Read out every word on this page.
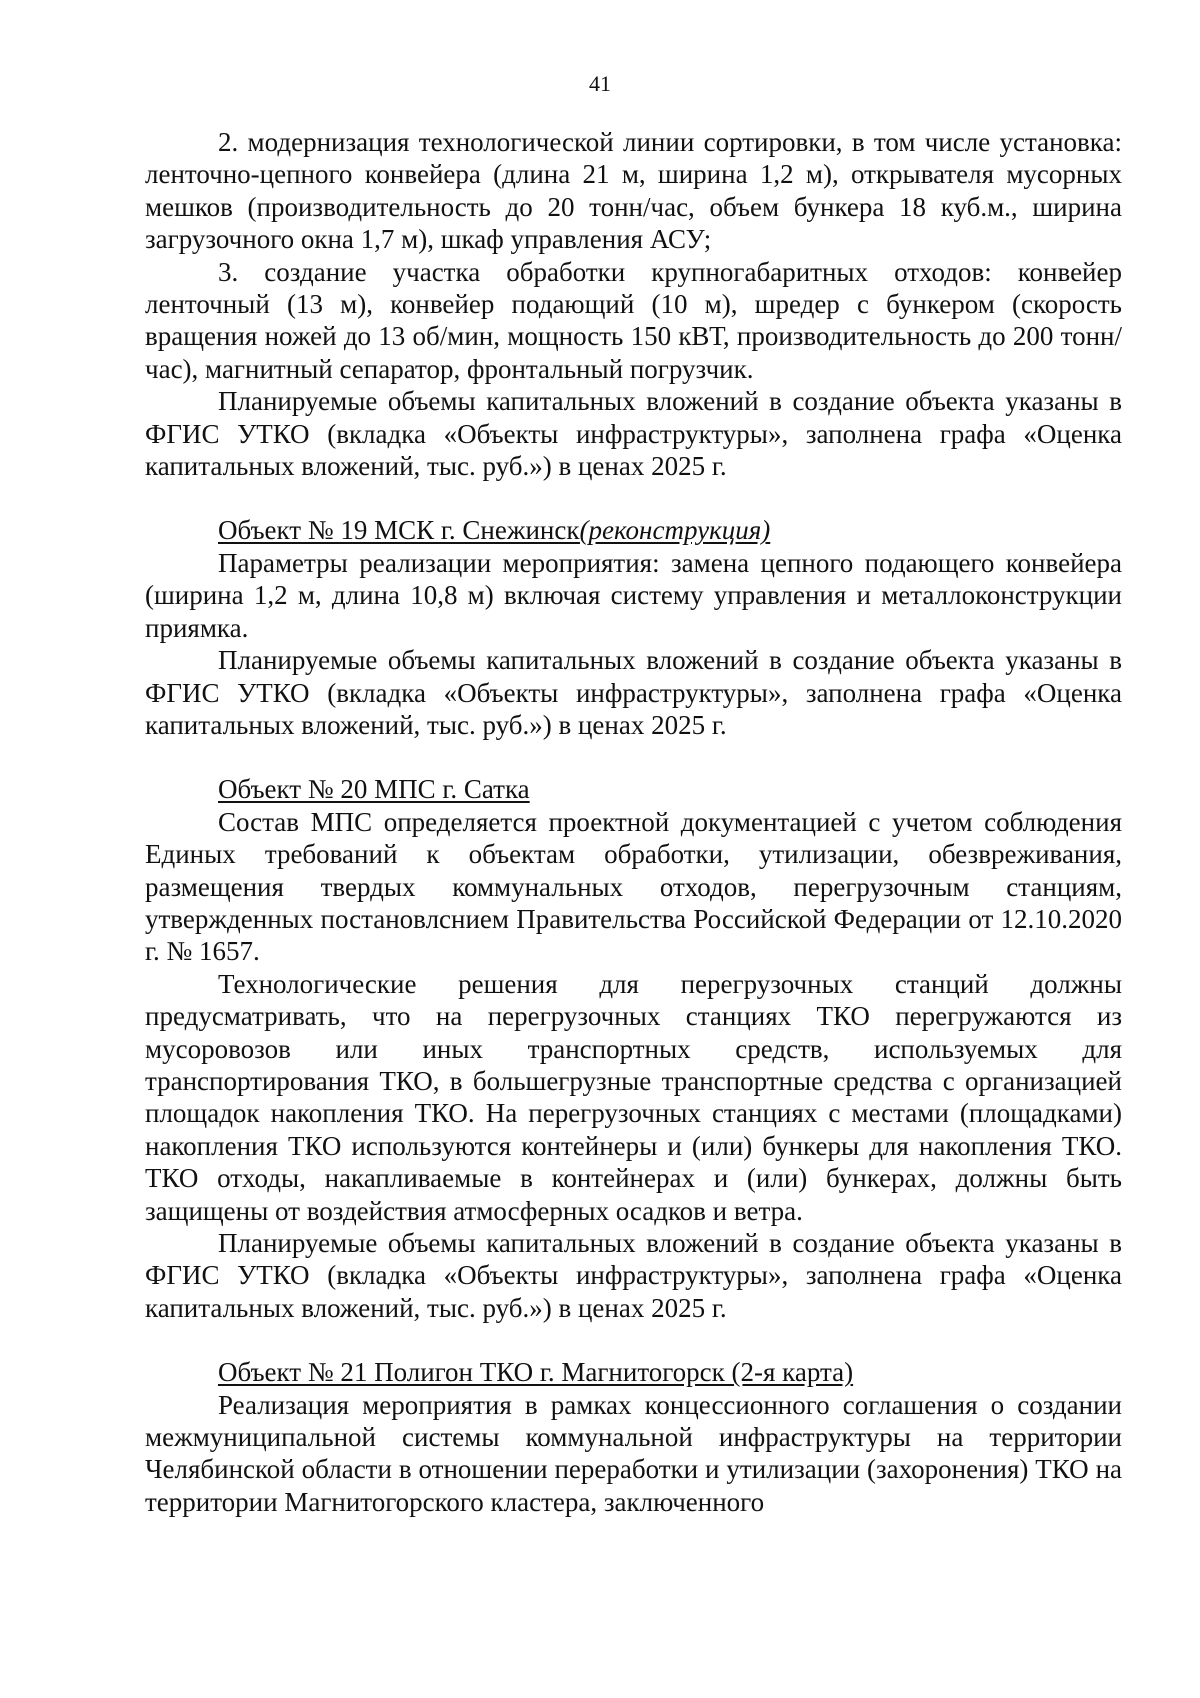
41

2. модернизация технологической линии сортировки, в том числе установка: ленточно-цепного конвейера (длина 21 м, ширина 1,2 м), открывателя мусорных мешков (производительность до 20 тонн/час, объем бункера 18 куб.м., ширина загрузочного окна 1,7 м), шкаф управления АСУ;

3. создание участка обработки крупногабаритных отходов: конвейер ленточный (13 м), конвейер подающий (10 м), шредер с бункером (скорость вращения ножей до 13 об/мин, мощность 150 кВТ, производительность до 200 тонн/час), магнитный сепаратор, фронтальный погрузчик.

Планируемые объемы капитальных вложений в создание объекта указаны в ФГИС УТКО (вкладка «Объекты инфраструктуры», заполнена графа «Оценка капитальных вложений, тыс. руб.») в ценах 2025 г.

Объект № 19 МСК г. Снежинск(реконструкция)

Параметры реализации мероприятия: замена цепного подающего конвейера (ширина 1,2 м, длина 10,8 м) включая систему управления и металлоконструкции приямка.

Планируемые объемы капитальных вложений в создание объекта указаны в ФГИС УТКО (вкладка «Объекты инфраструктуры», заполнена графа «Оценка капитальных вложений, тыс. руб.») в ценах 2025 г.

Объект № 20 МПС г. Сатка

Состав МПС определяется проектной документацией с учетом соблюдения Единых требований к объектам обработки, утилизации, обезвреживания, размещения твердых коммунальных отходов, перегрузочным станциям, утвержденных постановлснием Правительства Российской Федерации от 12.10.2020 г. № 1657.

Технологические решения для перегрузочных станций должны предусматривать, что на перегрузочных станциях ТКО перегружаются из мусоровозов или иных транспортных средств, используемых для транспортирования ТКО, в большегрузные транспортные средства с организацией площадок накопления ТКО. На перегрузочных станциях с местами (площадками) накопления ТКО используются контейнеры и (или) бункеры для накопления ТКО. ТКО отходы, накапливаемые в контейнерах и (или) бункерах, должны быть защищены от воздействия атмосферных осадков и ветра.

Планируемые объемы капитальных вложений в создание объекта указаны в ФГИС УТКО (вкладка «Объекты инфраструктуры», заполнена графа «Оценка капитальных вложений, тыс. руб.») в ценах 2025 г.

Объект № 21 Полигон ТКО г. Магнитогорск (2-я карта)

Реализация мероприятия в рамках концессионного соглашения о создании межмуниципальной системы коммунальной инфраструктуры на территории Челябинской области в отношении переработки и утилизации (захоронения) ТКО на территории Магнитогорского кластера, заключенного
